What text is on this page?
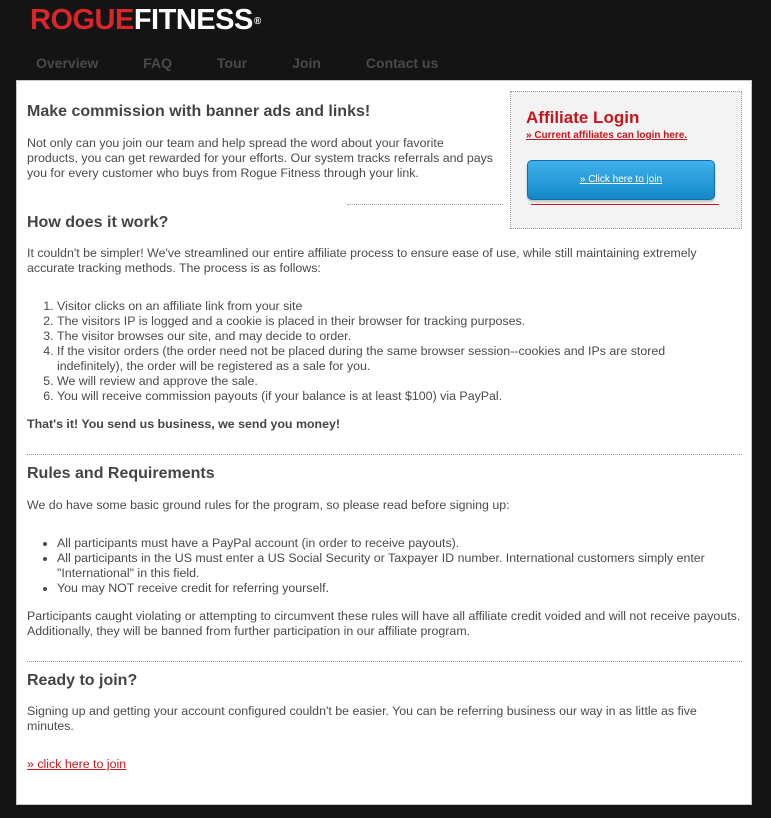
ROGUEFITNESS®
Overview	FAQ	Tour	Join	Contact us
Affiliate Login
» Current affiliates can login here.
» Click here to join
Make commission with banner ads and links!

Not only can you join our team and help spread the word about your favorite products, you can get rewarded for your efforts. Our system tracks referrals and pays you for every customer who buys from Rogue Fitness through your link.

How does it work?

It couldn't be simpler! We've streamlined our entire affiliate process to ensure ease of use, while still maintaining extremely accurate tracking methods. The process is as follows:

1. Visitor clicks on an affiliate link from your site
2. The visitors IP is logged and a cookie is placed in their browser for tracking purposes.
3. The visitor browses our site, and may decide to order.
4. If the visitor orders (the order need not be placed during the same browser session--cookies and IPs are stored indefinitely), the order will be registered as a sale for you.
5. We will review and approve the sale.
6. You will receive commission payouts (if your balance is at least $100) via PayPal.
That's it! You send us business, we send you money!
Rules and Requirements

We do have some basic ground rules for the program, so please read before signing up:

• All participants must have a PayPal account (in order to receive payouts).
• All participants in the US must enter a US Social Security or Taxpayer ID number. International customers simply enter "International" in this field.
• You may NOT receive credit for referring yourself.

Participants caught violating or attempting to circumvent these rules will have all affiliate credit voided and will not receive payouts. Additionally, they will be banned from further participation in our affiliate program.

Ready to join?

Signing up and getting your account configured couldn't be easier. You can be referring business our way in as little as five minutes.

» click here to join
